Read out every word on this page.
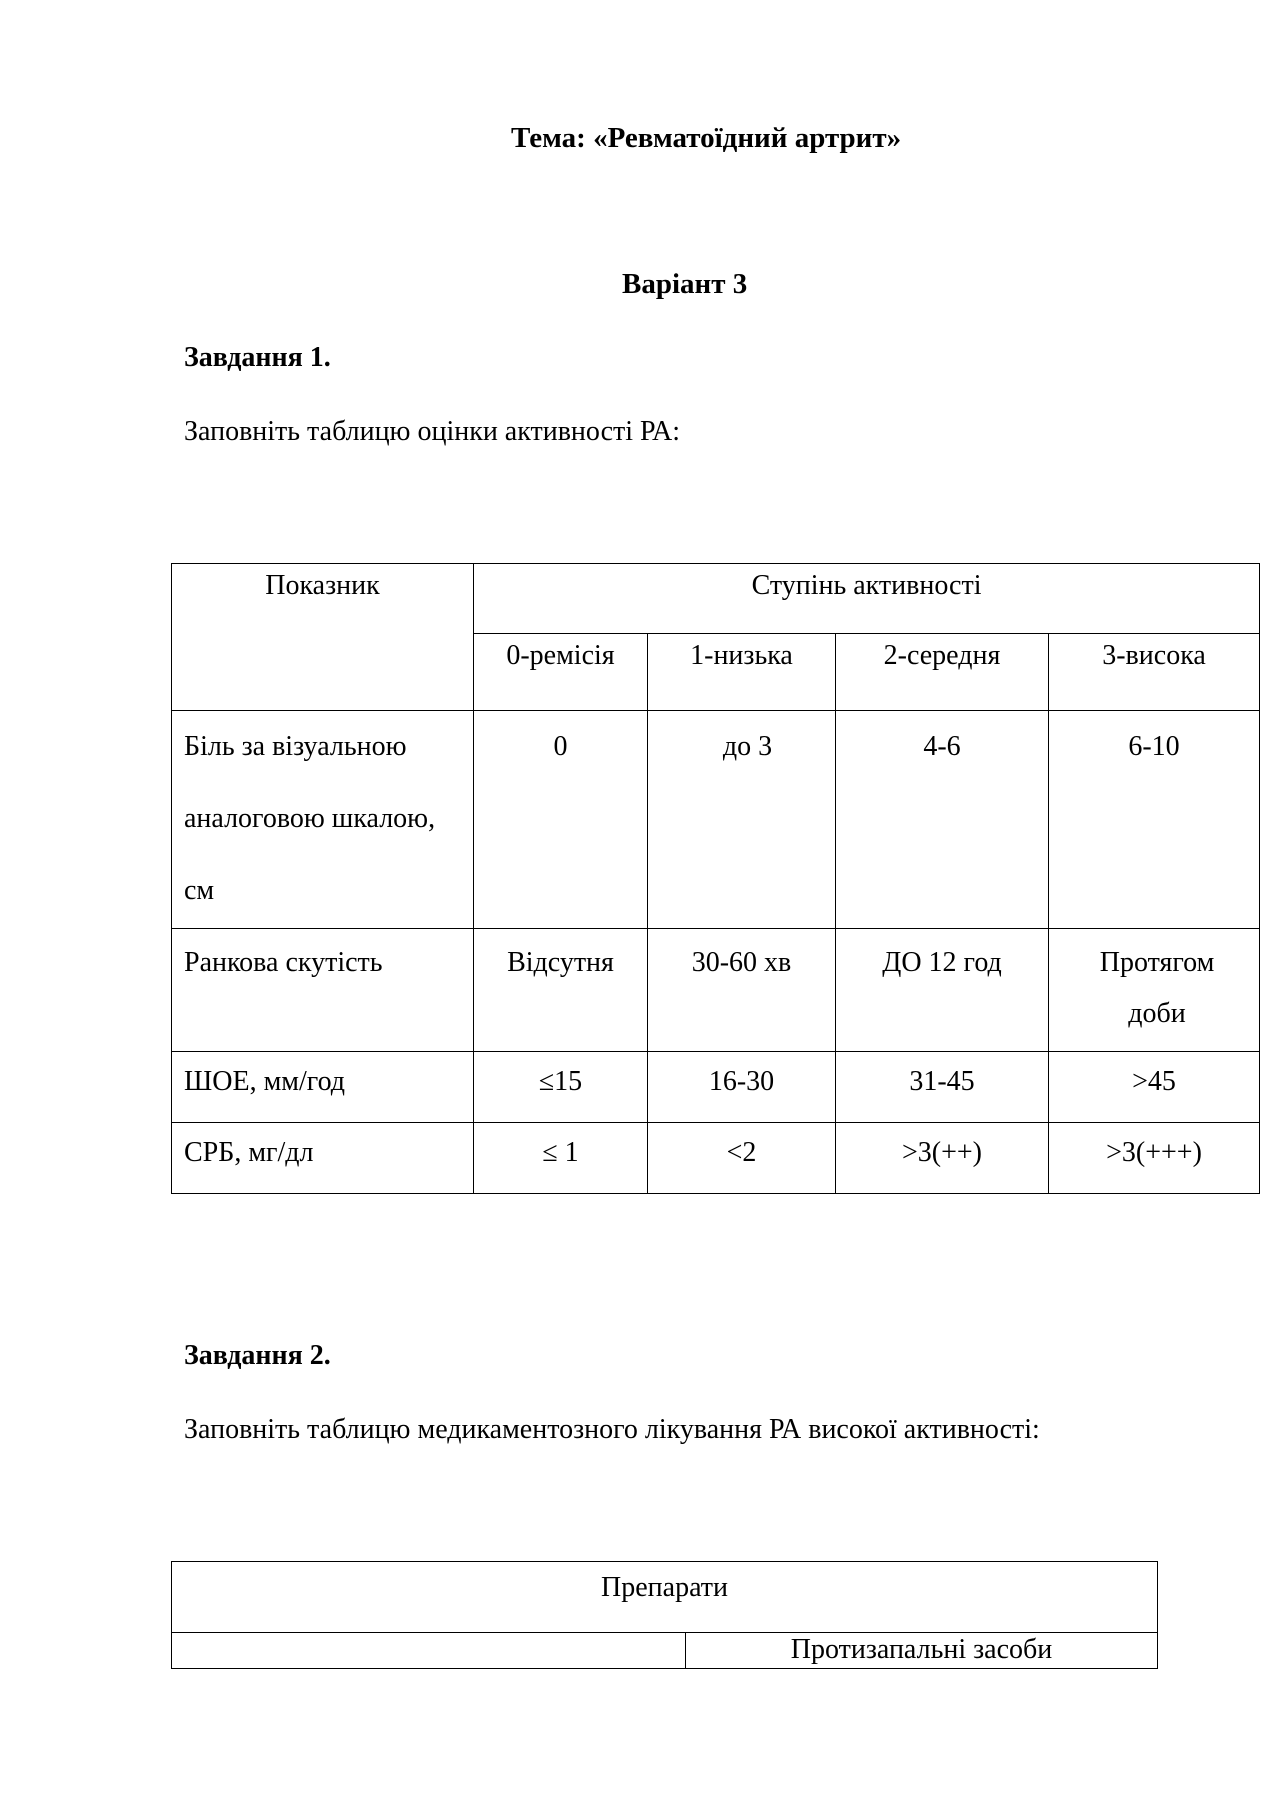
Тема: «Ревматоїдний артрит»
Варіант 3
Завдання 1.
Заповніть таблицю оцінки активності РА:
Показник	Ступінь активності			
	0-ремісія	1-низька	2-середня	3-висока

Біль за візуальною
аналоговою шкалою,
см	0	до 3	4-6	6-10
Ранкова скутість	Відсутня	30-60 хв	ДО 12 год	Протягом доби

ШОЕ, мм/год	≤15	16-30	31-45	>45
СРБ, мг/дл	≤ 1	<2	>3(++)	>3(+++)
Завдання 2.
Заповніть таблицю медикаментозного лікування РА високої активності:
Препарати
	Протизапальні засоби
